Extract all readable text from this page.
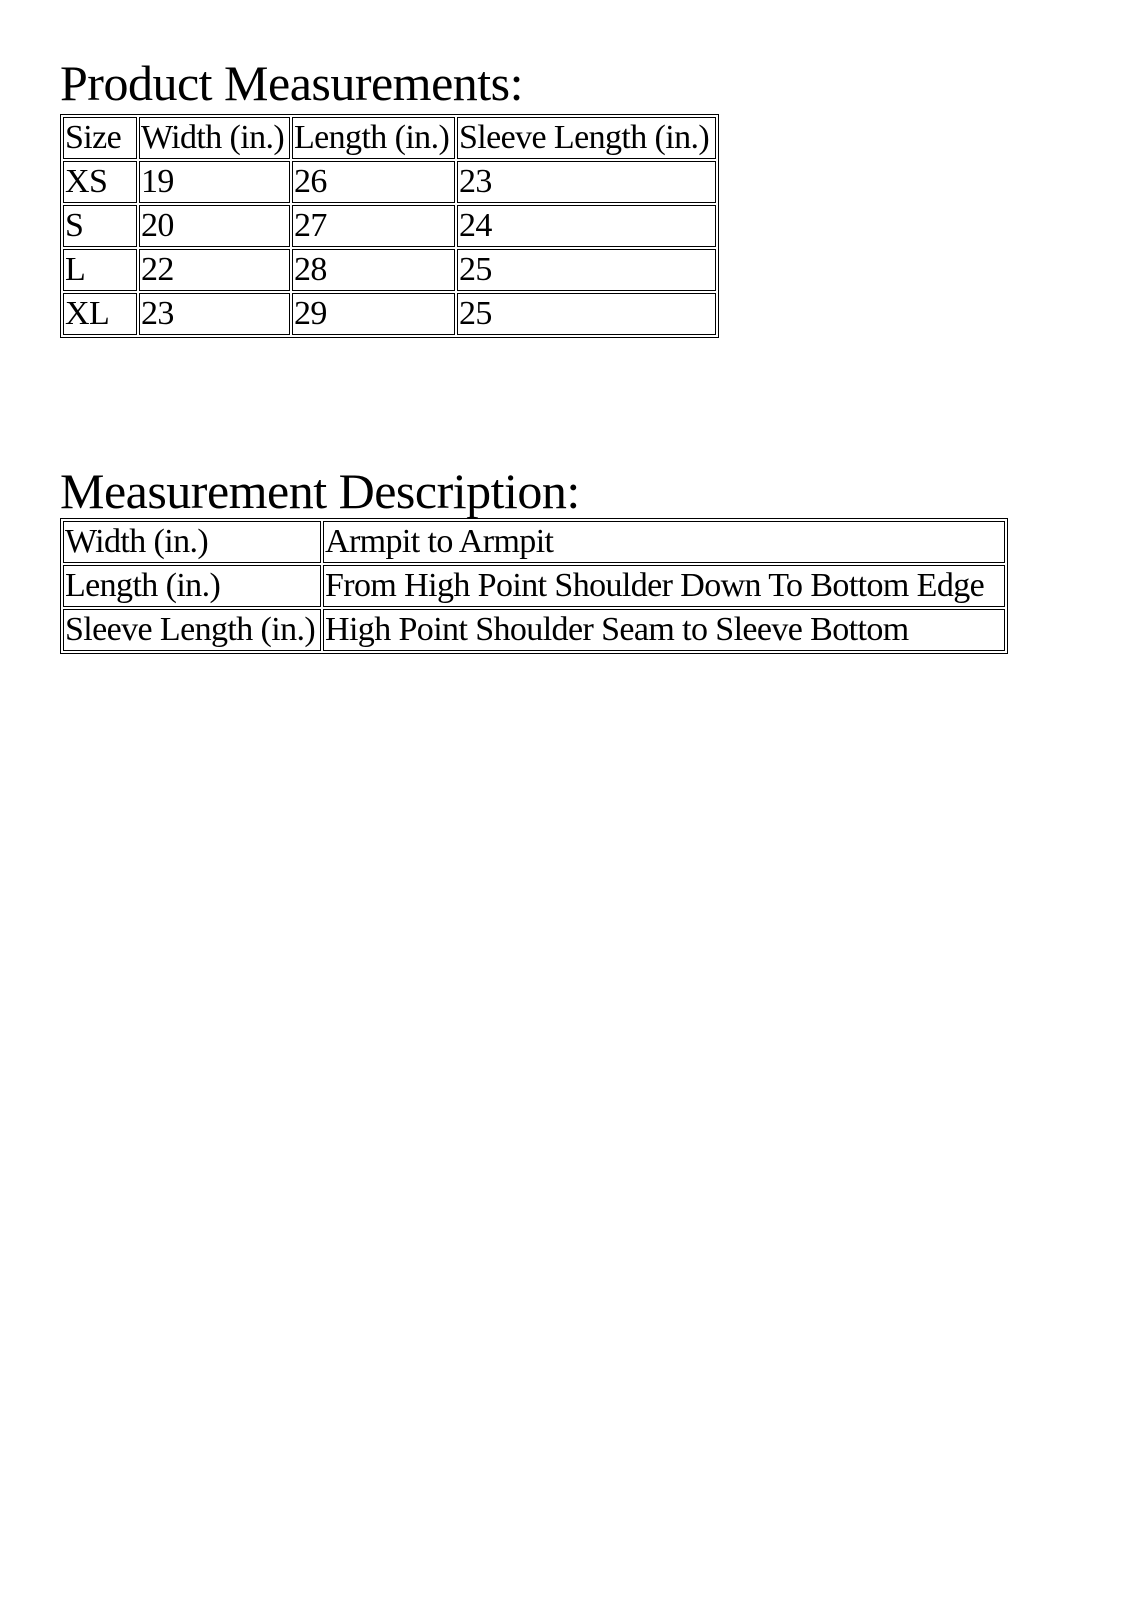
Product Measurements:
Size	Width (in.)	Length (in.)	Sleeve Length (in.)
XS	19	26	23
S	20	27	24
L	22	28	25
XL	23	29	25
Measurement Description:
Width (in.)	Armpit to Armpit
Length (in.)	From High Point Shoulder Down To Bottom Edge
Sleeve Length (in.)	High Point Shoulder Seam to Sleeve Bottom
